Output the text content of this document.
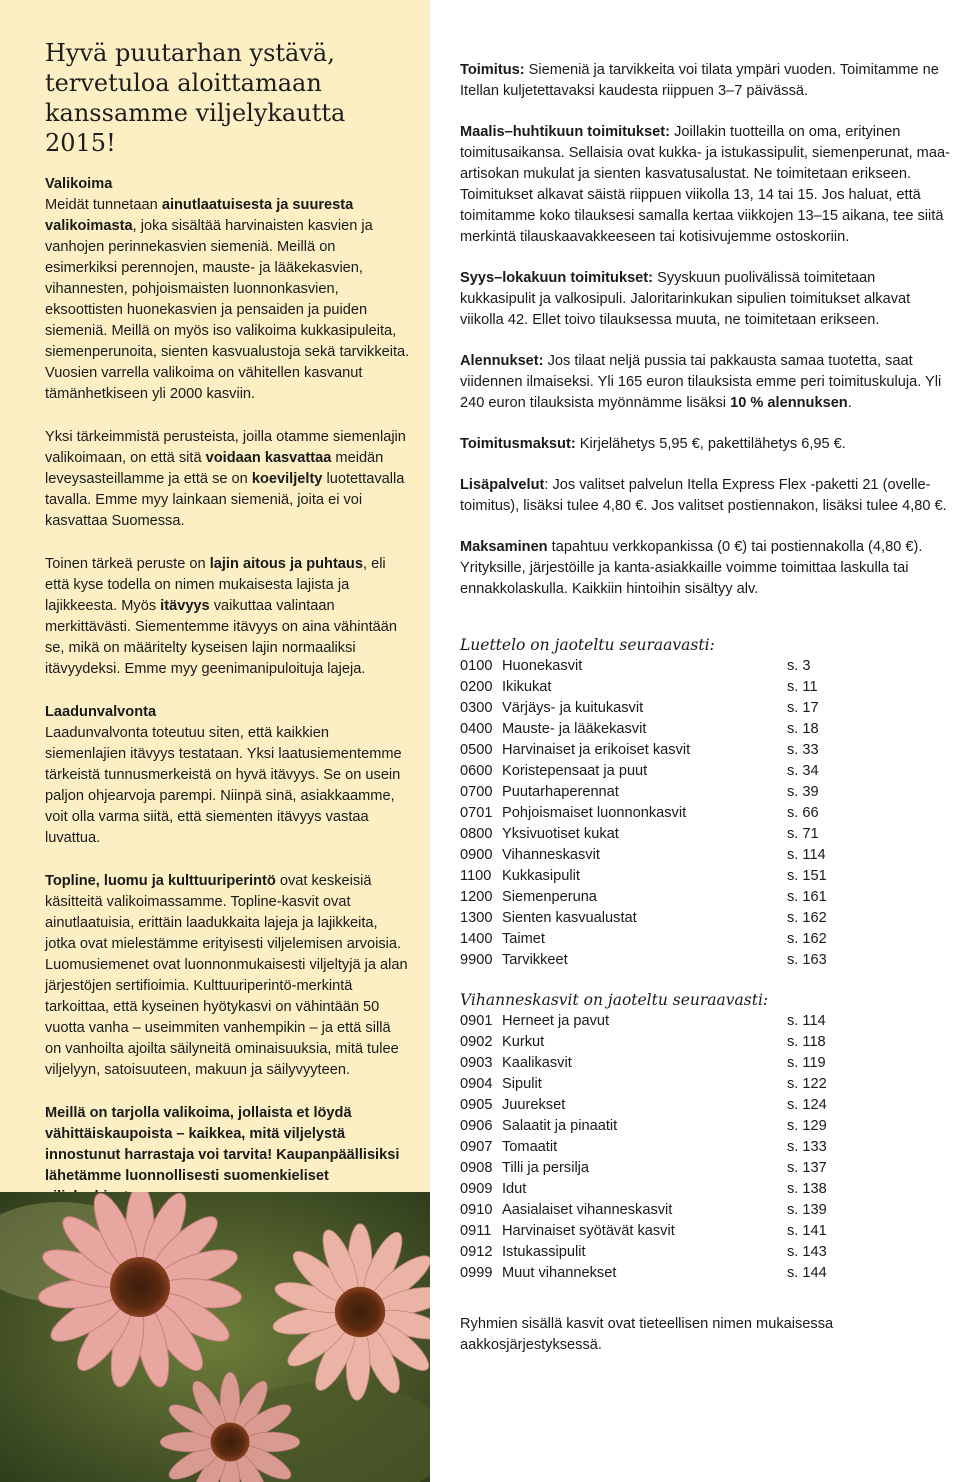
Hyvä puutarhan ystävä,
tervetuloa aloittamaan
kanssamme viljelykautta 2015!
Valikoima
Meidät tunnetaan ainutlaatuisesta ja suuresta valikoimasta, joka sisältää harvinaisten kasvien ja vanhojen perinnekasvien siemeniä. Meillä on esimerkiksi perennojen, mauste- ja lääkekasvien, vihannesten, pohjoismaisten luonnonkasvien, eksoottisten huonekasvien ja pensaiden ja puiden siemeniä. Meillä on myös iso valikoima kukkasipuleita, siemenperunoita, sienten kasvualustoja sekä tarvikkeita. Vuosien varrella valikoima on vähitellen kasvanut tämänhetkiseen yli 2000 kasviin.
Yksi tärkeimmistä perusteista, joilla otamme siemenlajin valikoimaan, on että sitä voidaan kasvattaa meidän leveysasteillamme ja että se on koeviljelty luotettavalla tavalla. Emme myy lainkaan siemeniä, joita ei voi kasvattaa Suomessa.
Toinen tärkeä peruste on lajin aitous ja puhtaus, eli että kyse todella on nimen mukaisesta lajista ja lajikkeesta. Myös itävyys vaikuttaa valintaan merkittävästi. Siementemme itävyys on aina vähintään se, mikä on määritelty kyseisen lajin normaaliksi itävyydeksi. Emme myy geenimanipuloituja lajeja.
Laadunvalvonta
Laadunvalvonta toteutuu siten, että kaikkien siemenlajien itävyys testataan. Yksi laatusiementemme tärkeistä tunnusmerkeistä on hyvä itävyys. Se on usein paljon ohjearvoja parempi. Niinpä sinä, asiakkaamme, voit olla varma siitä, että siementen itävyys vastaa luvattua.
Topline, luomu ja kulttuuriperintö ovat keskeisiä käsitteitä valikoimassamme. Topline-kasvit ovat ainutlaatuisia, erittäin laadukkaita lajeja ja lajikkeita, jotka ovat mielestämme erityisesti viljelemisen arvoisia. Luomusiemenet ovat luonnonmukaisesti viljeltyjä ja alan järjestöjen sertifioimia. Kulttuuriperintö-merkintä tarkoittaa, että kyseinen hyötykasvi on vähintään 50 vuotta vanha – useimmiten vanhempikin – ja että sillä on vanhoilta ajoilta säilyneitä ominaisuuksia, mitä tulee viljelyyn, satoisuuteen, makuun ja säilyvyyteen.
Meillä on tarjolla valikoima, jollaista et löydä vähittäiskaupoista – kaikkea, mitä viljelystä innostunut harrastaja voi tarvita! Kaupanpäällisiksi lähetämme luonnollisesti suomenkieliset
Toimitus: Siemeniä ja tarvikkeita voi tilata ympäri vuoden. Toimitamme ne Itellan kuljetettavaksi kaudesta riippuen 3–7 päivässä.
Maalis–huhtikuun toimitukset: Joillakin tuotteilla on oma, erityinen toimitusaikansa. Sellaisia ovat kukka- ja istukassipulit, siemenperunat, maa-artisokan mukulat ja sienten kasvatusalustat. Ne toimitetaan erikseen. Toimitukset alkavat säistä riippuen viikolla 13, 14 tai 15. Jos haluat, että toimitamme koko tilauksesi samalla kertaa viikkojen 13–15 aikana, tee siitä merkintä tilauskaavakkeeseen tai kotisivujemme ostoskoriin.
Syys–lokakuun toimitukset: Syyskuun puolivälissä toimitetaan kukkasipulit ja valkosipuli. Jaloritarinkukan sipulien toimitukset alkavat viikolla 42. Ellet toivo tilauksessa muuta, ne toimitetaan erikseen.
Alennukset: Jos tilaat neljä pussia tai pakkausta samaa tuotetta, saat viidennen ilmaiseksi. Yli 165 euron tilauksista emme peri toimituskuluja. Yli 240 euron tilauksista myönnämme lisäksi 10 % alennuksen.
Toimitusmaksut: Kirjelähetys 5,95 €, pakettilähetys 6,95 €.
Lisäpalvelut: Jos valitset palvelun Itella Express Flex -paketti 21 (ovelle-toimitus), lisäksi tulee 4,80 €. Jos valitset postiennakon, lisäksi tulee 4,80 €.
Maksaminen tapahtuu verkkopankissa (0 €) tai postiennakolla (4,80 €). Yrityksille, järjestöille ja kanta-asiakkaille voimme toimittaa laskulla tai ennakkolaskulla. Kaikkiin hintoihin sisältyy alv.
Luettelo on jaoteltu seuraavasti:
0100	Huonekasvit	s. 3
0200	Ikikukat	s. 11
0300	Värjäys- ja kuitukasvit	s. 17
0400	Mauste- ja lääkekasvit	s. 18
0500	Harvinaiset ja erikoiset kasvit	s. 33
0600	Koristepensaat ja puut	s. 34
0700	Puutarhaperennat	s. 39
0701	Pohjoismaiset luonnonkasvit	s. 66
0800	Yksivuotiset kukat	s. 71
0900	Vihanneskasvit	s. 114
1100	Kukkasipulit	s. 151
1200	Siemenperuna	s. 161
1300	Sienten kasvualustat	s. 162
1400	Taimet	s. 162
9900	Tarvikkeet	s. 163
Vihanneskasvit on jaoteltu seuraavasti:
0901	Herneet ja pavut	s. 114
0902	Kurkut	s. 118
0903	Kaalikasvit	s. 119
0904	Sipulit	s. 122
0905	Juurekset	s. 124
0906	Salaatit ja pinaatit	s. 129
0907	Tomaatit	s. 133
0908	Tilli ja persilja	s. 137
0909	Idut	s. 138
0910	Aasialaiset vihanneskasvit	s. 139
0911	Harvinaiset syötävät kasvit	s. 141
0912	Istukassipulit	s. 143
0999	Muut vihannekset	s. 144
Ryhmien sisällä kasvit ovat tieteellisen nimen mukaisessa aakkosjärjestyksessä.
